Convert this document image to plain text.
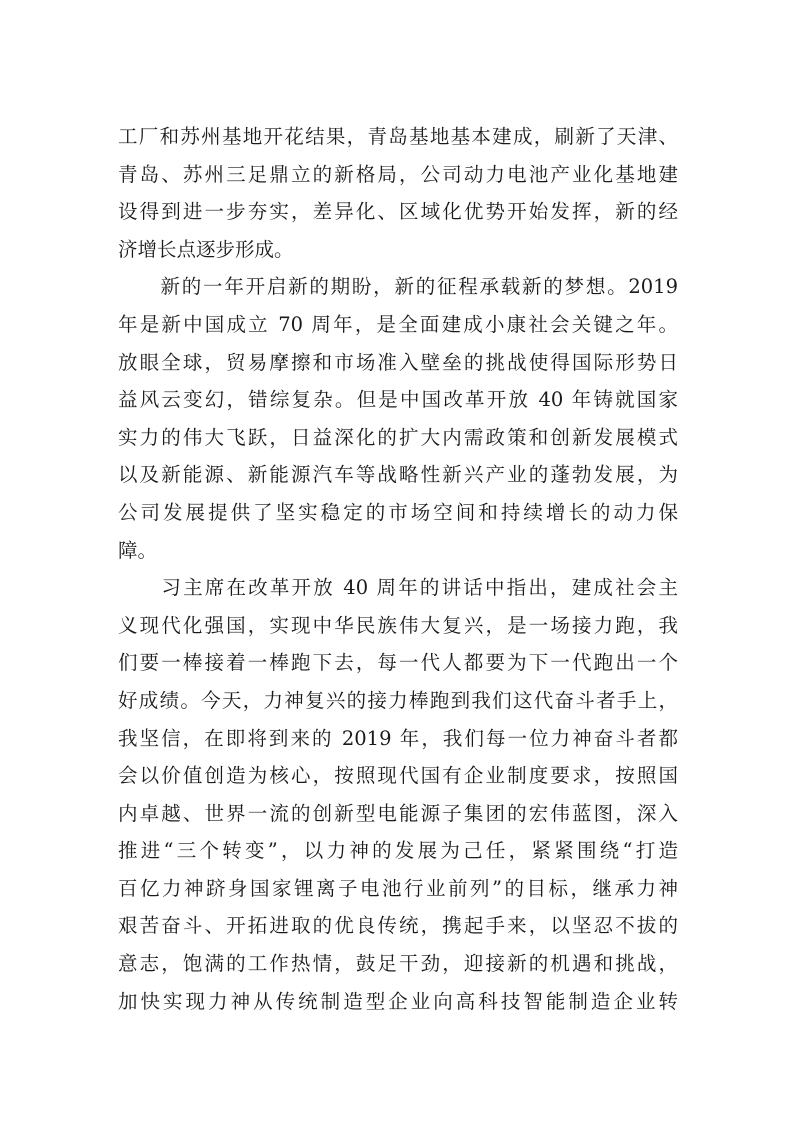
工厂和苏州基地开花结果，青岛基地基本建成，刷新了天津、
青岛、苏州三足鼎立的新格局，公司动力电池产业化基地建
设得到进一步夯实，差异化、区域化优势开始发挥，新的经
济增长点逐步形成。
　　新的一年开启新的期盼，新的征程承载新的梦想。2019
年是新中国成立 70 周年，是全面建成小康社会关键之年。
放眼全球，贸易摩擦和市场准入壁垒的挑战使得国际形势日
益风云变幻，错综复杂。但是中国改革开放 40 年铸就国家
实力的伟大飞跃，日益深化的扩大内需政策和创新发展模式
以及新能源、新能源汽车等战略性新兴产业的蓬勃发展，为
公司发展提供了坚实稳定的市场空间和持续增长的动力保
障。
　　习主席在改革开放 40 周年的讲话中指出，建成社会主
义现代化强国，实现中华民族伟大复兴，是一场接力跑，我
们要一棒接着一棒跑下去，每一代人都要为下一代跑出一个
好成绩。今天，力神复兴的接力棒跑到我们这代奋斗者手上，
我坚信，在即将到来的 2019 年，我们每一位力神奋斗者都
会以价值创造为核心，按照现代国有企业制度要求，按照国
内卓越、世界一流的创新型电能源子集团的宏伟蓝图，深入
推进“三个转变”，以力神的发展为己任，紧紧围绕“打造
百亿力神跻身国家锂离子电池行业前列”的目标，继承力神
艰苦奋斗、开拓进取的优良传统，携起手来，以坚忍不拔的
意志，饱满的工作热情，鼓足干劲，迎接新的机遇和挑战，
加快实现力神从传统制造型企业向高科技智能制造企业转
